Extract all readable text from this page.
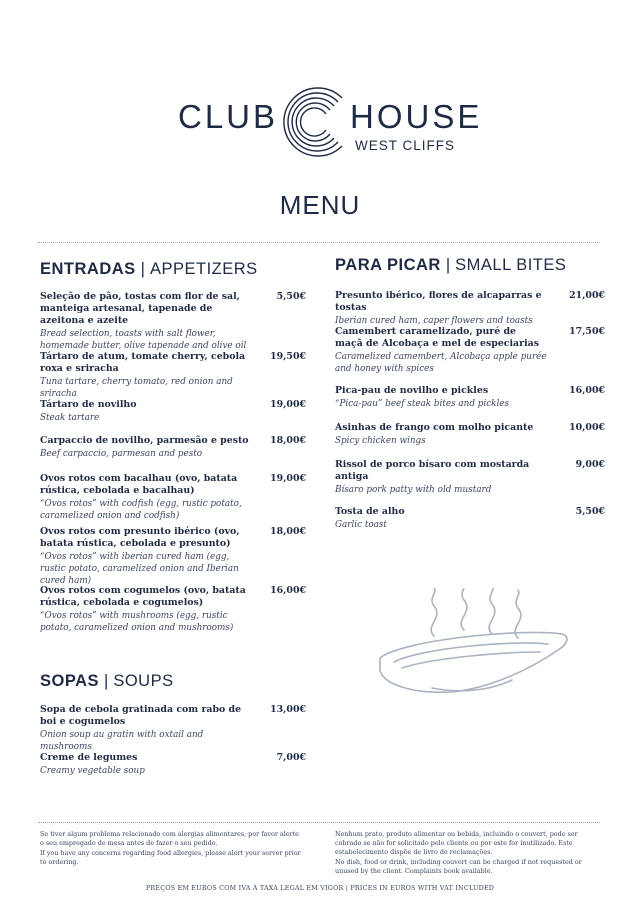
CLUB HOUSE
WEST CLIFFS
MENU
ENTRADAS | APPETIZERS
Seleção de pão, tostas com flor de sal, manteiga artesanal, tapenade de azeitona e azeite
Bread selection, toasts with salt flower, homemade butter, olive tapenade and olive oil
5,50€
Tártaro de atum, tomate cherry, cebola roxa e sriracha
Tuna tartare, cherry tomato, red onion and sriracha
19,50€
Tártaro de novilho
Steak tartare
19,00€
Carpaccio de novilho, parmesão e pesto
Beef carpaccio, parmesan and pesto
18,00€
Ovos rotos com bacalhau (ovo, batata rústica, cebolada e bacalhau)
“Ovos rotos” with codfish (egg, rustic potato, caramelized onion and codfish)
19,00€
Ovos rotos com presunto ibérico (ovo, batata rústica, cebolada e presunto)
“Ovos rotos” with iberian cured ham (egg, rustic potato, caramelized onion and Iberian cured ham)
18,00€
Ovos rotos com cogumelos (ovo, batata rústica, cebolada e cogumelos)
“Ovos rotos” with mushrooms (egg, rustic potato, caramelized onion and mushrooms)
16,00€
SOPAS | SOUPS
Sopa de cebola gratinada com rabo de boi e cogumelos
Onion soup au gratin with oxtail and mushrooms
13,00€
Creme de legumes
Creamy vegetable soup
7,00€
PARA PICAR | SMALL BITES
Presunto ibérico, flores de alcaparras e tostas
Iberian cured ham, caper flowers and toasts
21,00€
Camembert caramelizado, puré de maçã de Alcobaça e mel de especiarias
Caramelized camembert, Alcobaça apple purée and honey with spices
17,50€
Pica-pau de novilho e pickles
“Pica-pau” beef steak bites and pickles
16,00€
Asinhas de frango com molho picante
Spicy chicken wings
10,00€
Rissol de porco bísaro com mostarda antiga
Bísaro pork patty with old mustard
9,00€
Tosta de alho
Garlic toast
5,50€

Se tiver algum problema relacionado com alergias alimentares, por favor alerte o seu empregado de mesa antes de fazer o seu pedido.

If you have any concerns regarding food allergies, please alert your server prior to ordering.

Nenhum prato, produto alimentar ou bebida, incluindo o couvert, pode ser cobrado se não for solicitado pelo cliente ou por este for inutilizado. Este estabelecimento dispõe de livro de reclamações.

No dish, food or drink, including couvert can be charged if not requested or unused by the client. Complaints book available.

PREÇOS EM EUROS COM IVA À TAXA LEGAL EM VIGOR | PRICES IN EUROS WITH VAT INCLUDED
